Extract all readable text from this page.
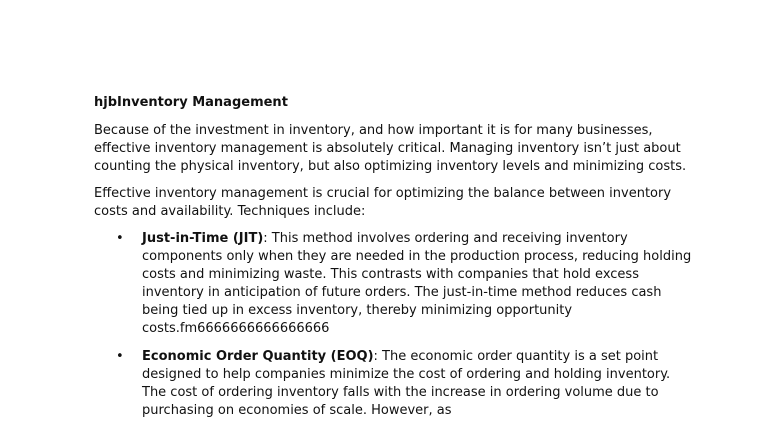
hjbInventory Management

Because of the investment in inventory, and how important it is for many businesses, effective inventory management is absolutely critical. Managing inventory isn’t just about counting the physical inventory, but also optimizing inventory levels and minimizing costs.

Effective inventory management is crucial for optimizing the balance between inventory costs and availability. Techniques include:

• Just-in-Time (JIT): This method involves ordering and receiving inventory components only when they are needed in the production process, reducing holding costs and minimizing waste. This contrasts with companies that hold excess inventory in anticipation of future orders. The just-in-time method reduces cash being tied up in excess inventory, thereby minimizing opportunity costs.fm6666666666666666
• Economic Order Quantity (EOQ): The economic order quantity is a set point designed to help companies minimize the cost of ordering and holding inventory. The cost of ordering inventory falls with the increase in ordering volume due to purchasing on economies of scale. However, as
